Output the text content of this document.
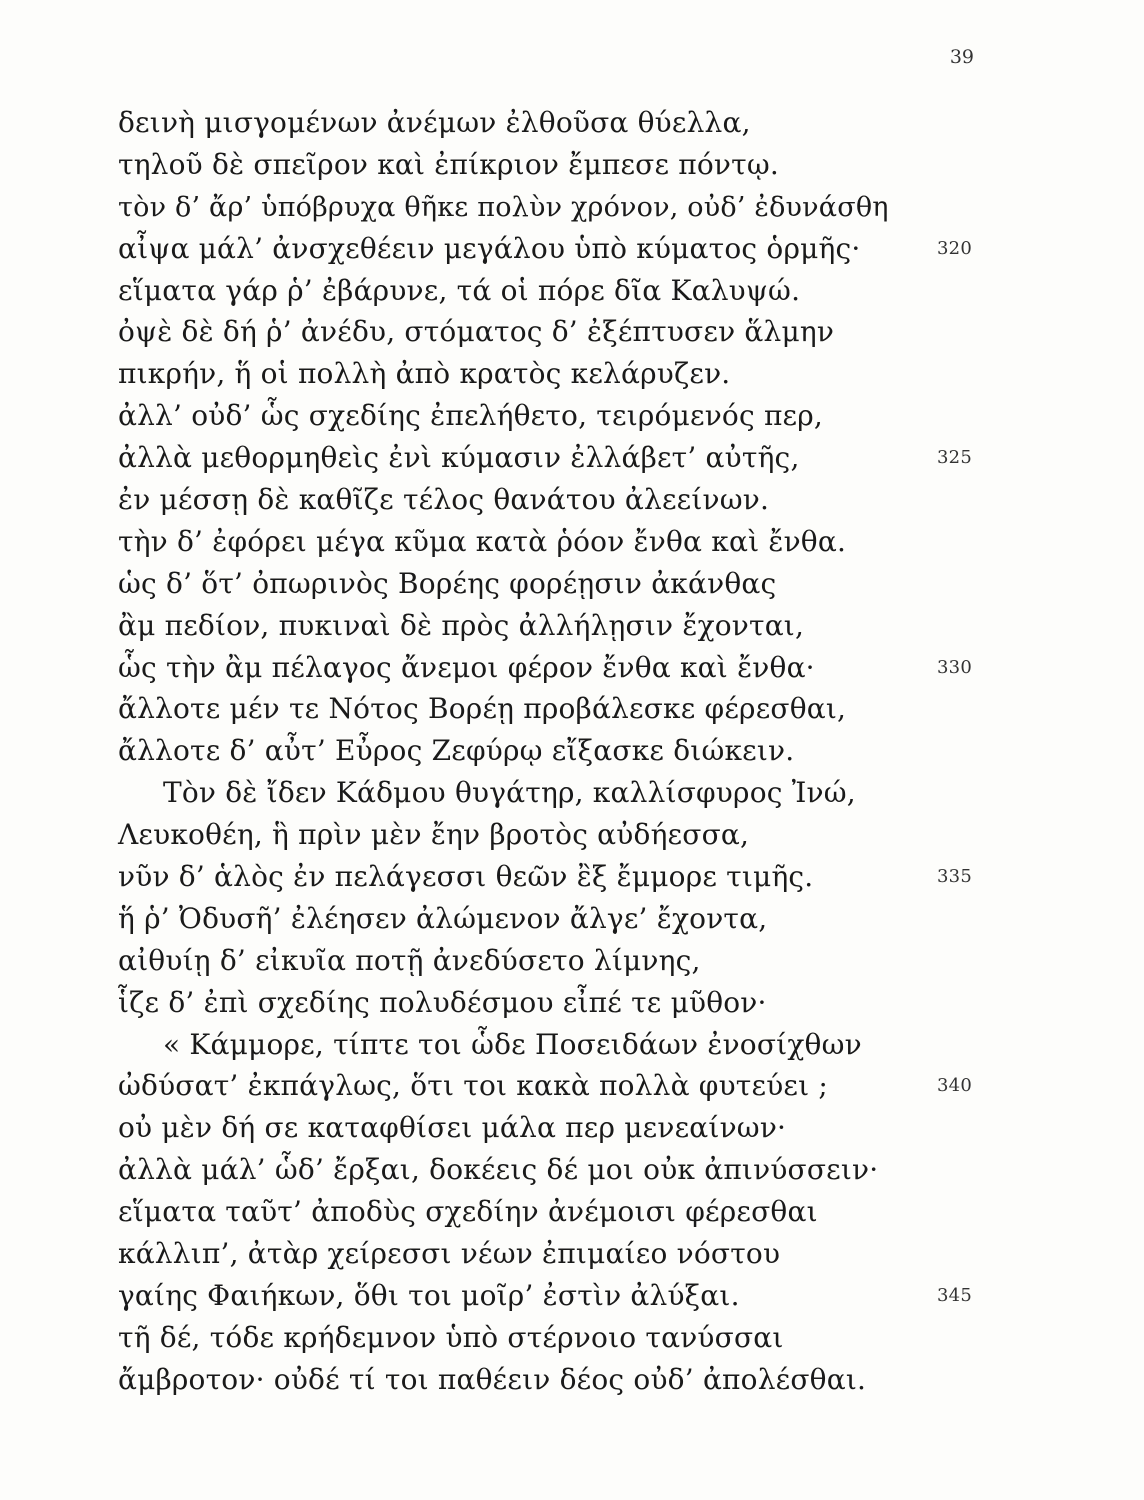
39
δεινὴ μισγομένων ἀνέμων ἐλθοῦσα θύελλα,
τηλοῦ δὲ σπεῖρον καὶ ἐπίκριον ἔμπεσε πόντῳ.
τὸν δ’ ἄρ’ ὑπόβρυχα θῆκε πολὺν χρόνον, οὐδ’ ἐδυνάσθη
αἶψα μάλ’ ἀνσχεθέειν μεγάλου ὑπὸ κύματος ὁρμῆς·	320
εἵματα γάρ ῥ’ ἐβάρυνε, τά οἱ πόρε δῖα Καλυψώ.
ὀψὲ δὲ δή ῥ’ ἀνέδυ, στόματος δ’ ἐξέπτυσεν ἅλμην
πικρήν, ἥ οἱ πολλὴ ἀπὸ κρατὸς κελάρυζεν.
ἀλλ’ οὐδ’ ὧς σχεδίης ἐπελήθετο, τειρόμενός περ,
ἀλλὰ μεθορμηθεὶς ἐνὶ κύμασιν ἐλλάβετ’ αὐτῆς,	325
ἐν μέσσῃ δὲ καθῖζε τέλος θανάτου ἀλεείνων.
τὴν δ’ ἐφόρει μέγα κῦμα κατὰ ῥόον ἔνθα καὶ ἔνθα.
ὡς δ’ ὅτ’ ὀπωρινὸς Βορέης φορέῃσιν ἀκάνθας
ἂμ πεδίον, πυκιναὶ δὲ πρὸς ἀλλήλῃσιν ἔχονται,
ὧς τὴν ἂμ πέλαγος ἄνεμοι φέρον ἔνθα καὶ ἔνθα·	330
ἄλλοτε μέν τε Νότος Βορέῃ προβάλεσκε φέρεσθαι,
ἄλλοτε δ’ αὖτ’ Εὖρος Ζεφύρῳ εἴξασκε διώκειν.
Τὸν δὲ ἴδεν Κάδμου θυγάτηρ, καλλίσφυρος Ἰνώ,
Λευκοθέη, ἣ πρὶν μὲν ἔην βροτὸς αὐδήεσσα,
νῦν δ’ ἁλὸς ἐν πελάγεσσι θεῶν ἒξ ἔμμορε τιμῆς.	335
ἥ ῥ’ Ὀδυσῆ’ ἐλέησεν ἀλώμενον ἄλγε’ ἔχοντα,
αἰθυίῃ δ’ εἰκυῖα ποτῇ ἀνεδύσετο λίμνης,
ἷζε δ’ ἐπὶ σχεδίης πολυδέσμου εἶπέ τε μῦθον·
« Κάμμορε, τίπτε τοι ὧδε Ποσειδάων ἐνοσίχθων
ὠδύσατ’ ἐκπάγλως, ὅτι τοι κακὰ πολλὰ φυτεύει ;	340
οὐ μὲν δή σε καταφθίσει μάλα περ μενεαίνων·
ἀλλὰ μάλ’ ὧδ’ ἔρξαι, δοκέεις δέ μοι οὐκ ἀπινύσσειν·
εἵματα ταῦτ’ ἀποδὺς σχεδίην ἀνέμοισι φέρεσθαι
κάλλιπ’, ἀτὰρ χείρεσσι νέων ἐπιμαίεο νόστου
γαίης Φαιήκων, ὅθι τοι μοῖρ’ ἐστὶν ἀλύξαι.	345
τῆ δέ, τόδε κρήδεμνον ὑπὸ στέρνοιο τανύσσαι
ἄμβροτον· οὐδέ τί τοι παθέειν δέος οὐδ’ ἀπολέσθαι.
